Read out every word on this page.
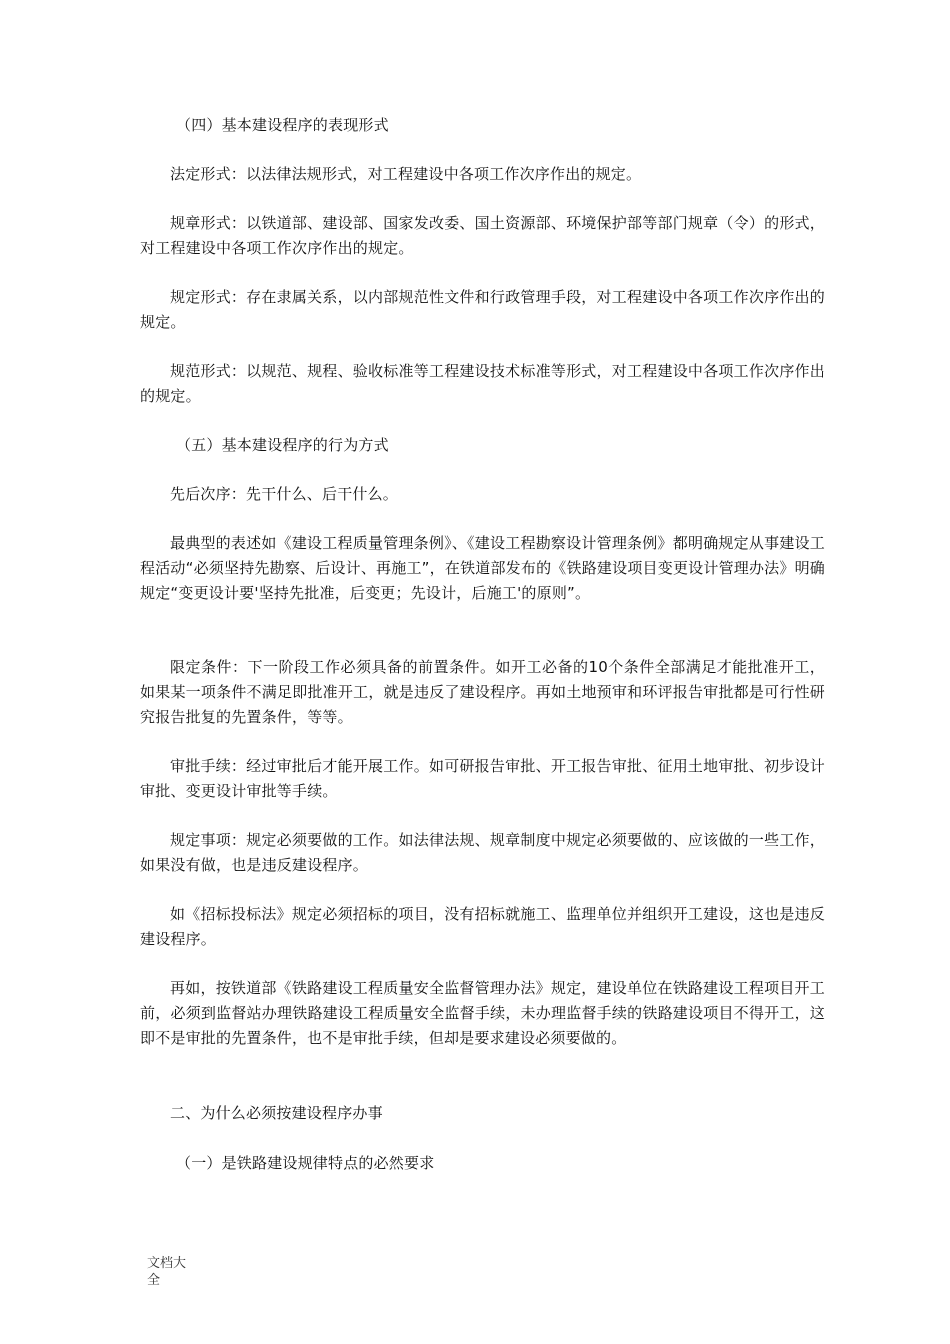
（四）基本建设程序的表现形式

法定形式：以法律法规形式，对工程建设中各项工作次序作出的规定。

规章形式：以铁道部、建设部、国家发改委、国土资源部、环境保护部等部门规章（令）的形式，对工程建设中各项工作次序作出的规定。

规定形式：存在隶属关系，以内部规范性文件和行政管理手段，对工程建设中各项工作次序作出的规定。

规范形式：以规范、规程、验收标准等工程建设技术标准等形式，对工程建设中各项工作次序作出的规定。

（五）基本建设程序的行为方式

先后次序：先干什么、后干什么。

最典型的表述如《建设工程质量管理条例》、《建设工程勘察设计管理条例》都明确规定从事建设工程活动“必须坚持先勘察、后设计、再施工”，在铁道部发布的《铁路建设项目变更设计管理办法》明确规定“变更设计要'坚持先批准，后变更；先设计，后施工'的原则”。

限定条件：下一阶段工作必须具备的前置条件。如开工必备的10个条件全部满足才能批准开工，如果某一项条件不满足即批准开工，就是违反了建设程序。再如土地预审和环评报告审批都是可行性研究报告批复的先置条件，等等。

审批手续：经过审批后才能开展工作。如可研报告审批、开工报告审批、征用土地审批、初步设计审批、变更设计审批等手续。

规定事项：规定必须要做的工作。如法律法规、规章制度中规定必须要做的、应该做的一些工作，如果没有做，也是违反建设程序。

如《招标投标法》规定必须招标的项目，没有招标就施工、监理单位并组织开工建设，这也是违反建设程序。

再如，按铁道部《铁路建设工程质量安全监督管理办法》规定，建设单位在铁路建设工程项目开工前，必须到监督站办理铁路建设工程质量安全监督手续，未办理监督手续的铁路建设项目不得开工，这即不是审批的先置条件，也不是审批手续，但却是要求建设必须要做的。

二、为什么必须按建设程序办事

（一）是铁路建设规律特点的必然要求

文档大
全
